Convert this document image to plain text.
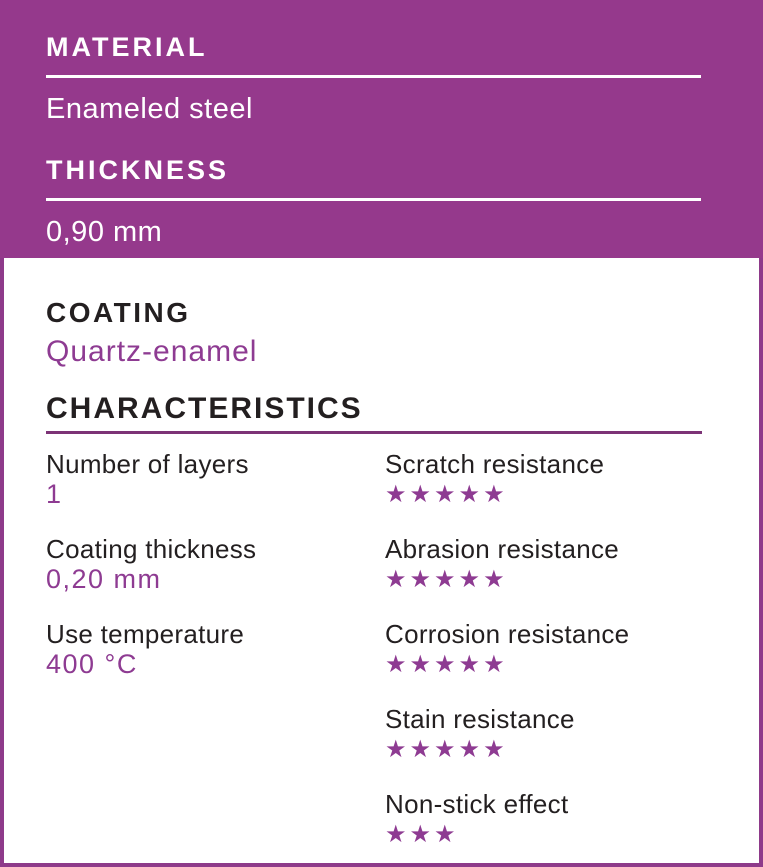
MATERIAL
Enameled steel
THICKNESS
0,90 mm
COATING
Quartz-enamel
CHARACTERISTICS
Number of layers
1
Coating thickness
0,20 mm
Use temperature
400 °C
Scratch resistance
★★★★★
Abrasion resistance
★★★★★
Corrosion resistance
★★★★★
Stain resistance
★★★★★
Non-stick effect
★★★
